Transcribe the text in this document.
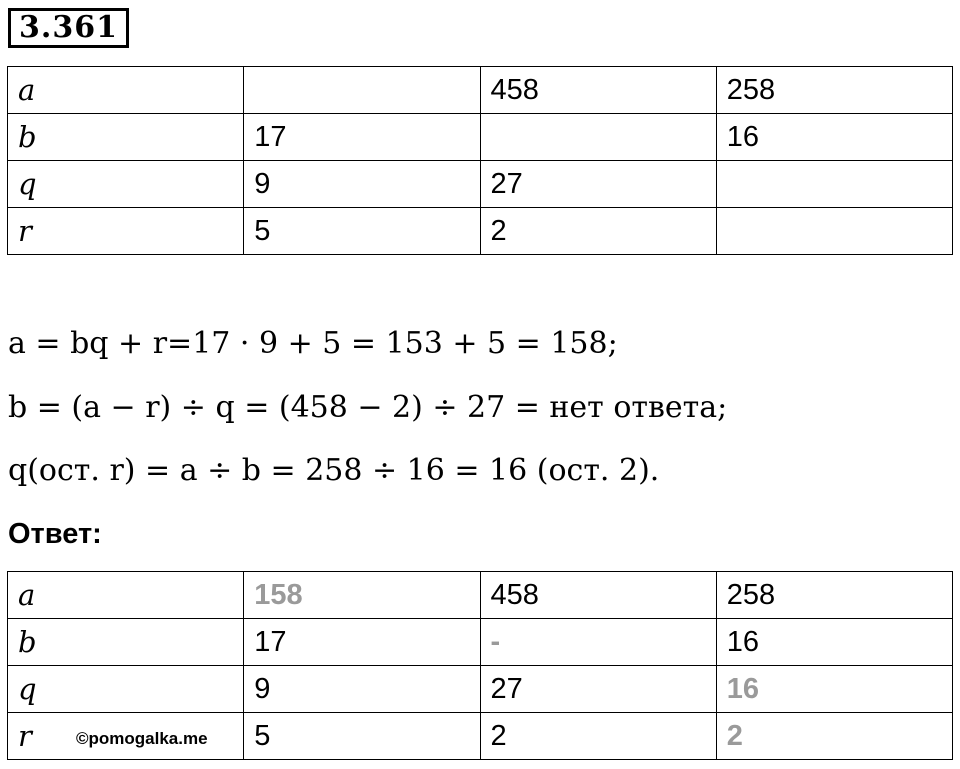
3.361
a		458	258
b	17		16
q	9	27	
r	5	2	
a = bq + r=17 · 9 + 5 = 153 + 5 = 158;
b = (a − r) ÷ q = (458 − 2) ÷ 27 = нет ответа;
q(ост. r) = a ÷ b = 258 ÷ 16 = 16 (ост. 2).
Ответ:
a	158	458	258
b	17	-	16
q	9	27	16
r	5	2	2
©pomogalka.me
